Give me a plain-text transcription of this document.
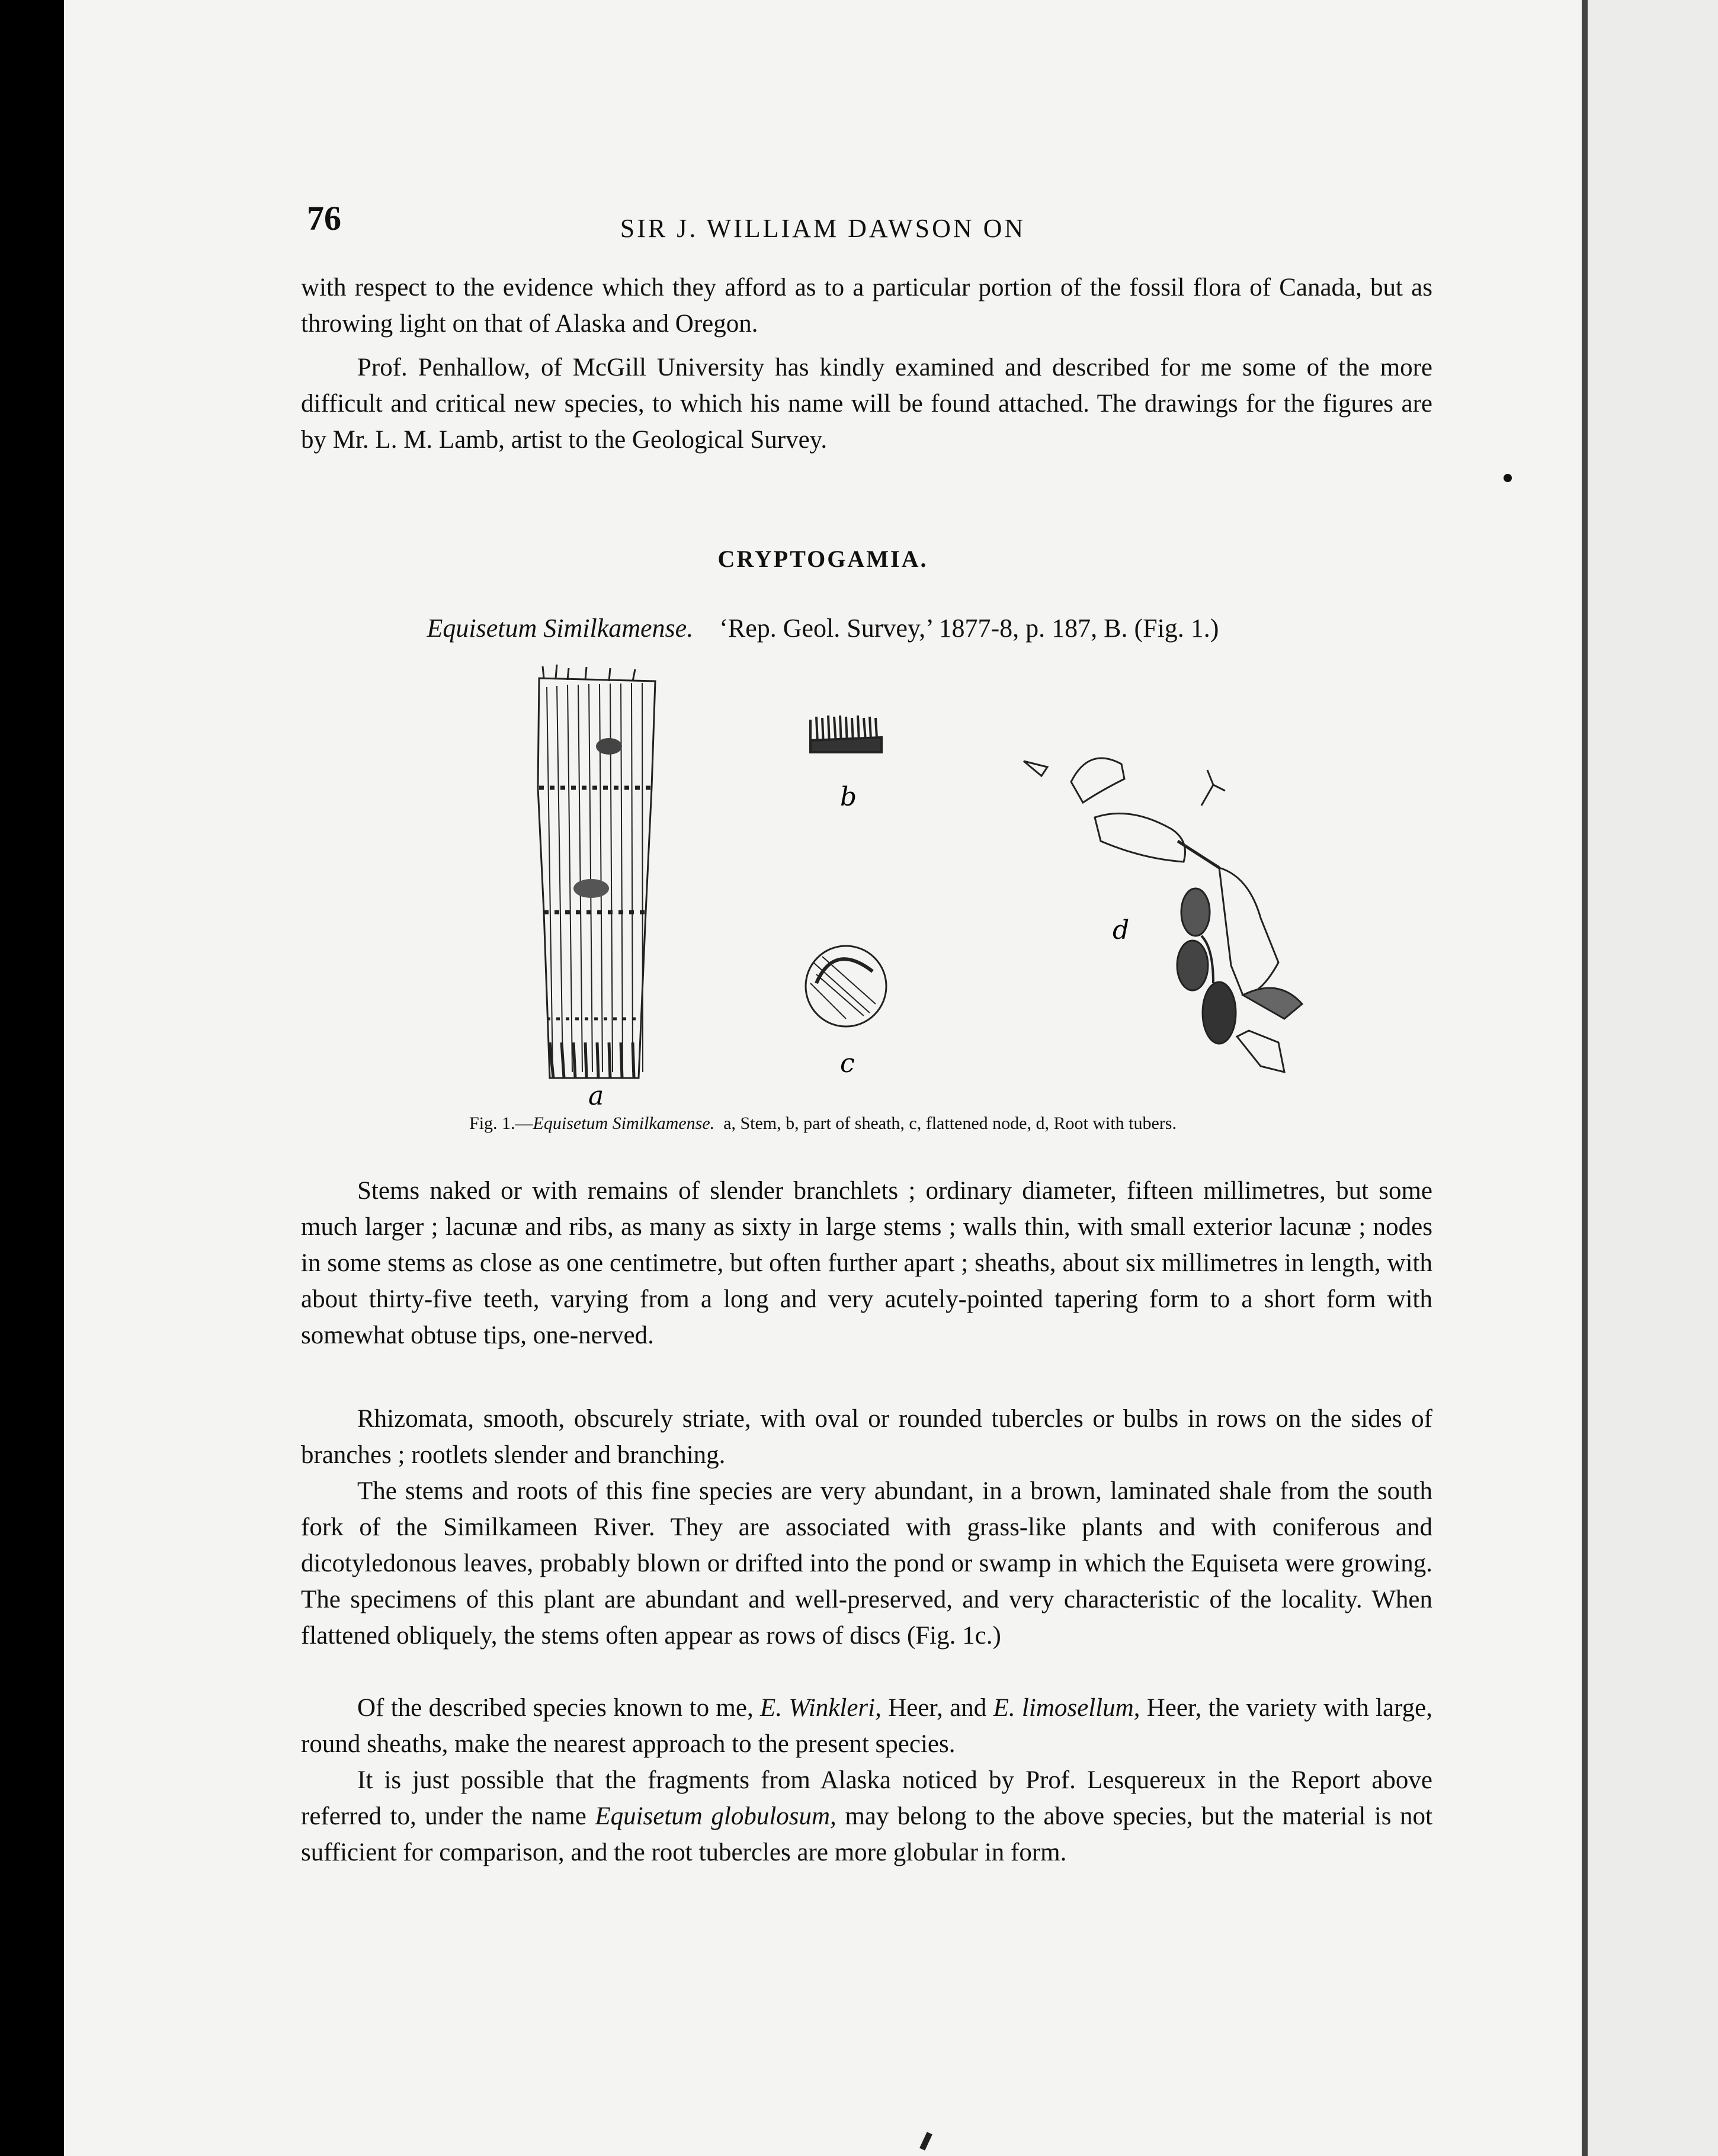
76	SIR J. WILLIAM DAWSON ON

with respect to the evidence which they afford as to a particular portion of the fossil flora of Canada, but as throwing light on that of Alaska and Oregon.

Prof. Penhallow, of McGill University has kindly examined and described for me some of the more difficult and critical new species, to which his name will be found attached. The drawings for the figures are by Mr. L. M. Lamb, artist to the Geological Survey.

CRYPTOGAMIA.
Equisetum Similkamense. ‘Rep. Geol. Survey,’ 1877-8, p. 187, B. (Fig. 1.)
a
b
c
d
Fig. 1.—Equisetum Similkamense. a, Stem, b, part of sheath, c, flattened node, d, Root with tubers.

Stems naked or with remains of slender branchlets ; ordinary diameter, fifteen millimetres, but some much larger ; lacunæ and ribs, as many as sixty in large stems ; walls thin, with small exterior lacunæ ; nodes in some stems as close as one centimetre, but often further apart ; sheaths, about six millimetres in length, with about thirty-five teeth, varying from a long and very acutely-pointed tapering form to a short form with somewhat obtuse tips, one-nerved.

Rhizomata, smooth, obscurely striate, with oval or rounded tubercles or bulbs in rows on the sides of branches ; rootlets slender and branching.

The stems and roots of this fine species are very abundant, in a brown, laminated shale from the south fork of the Similkameen River. They are associated with grass-like plants and with coniferous and dicotyledonous leaves, probably blown or drifted into the pond or swamp in which the Equiseta were growing. The specimens of this plant are abundant and well-preserved, and very characteristic of the locality. When flattened obliquely, the stems often appear as rows of discs (Fig. 1c.)

Of the described species known to me, E. Winkleri, Heer, and E. limosellum, Heer, the variety with large, round sheaths, make the nearest approach to the present species.

It is just possible that the fragments from Alaska noticed by Prof. Lesquereux in the Report above referred to, under the name Equisetum globulosum, may belong to the above species, but the material is not sufficient for comparison, and the root tubercles are more globular in form.
